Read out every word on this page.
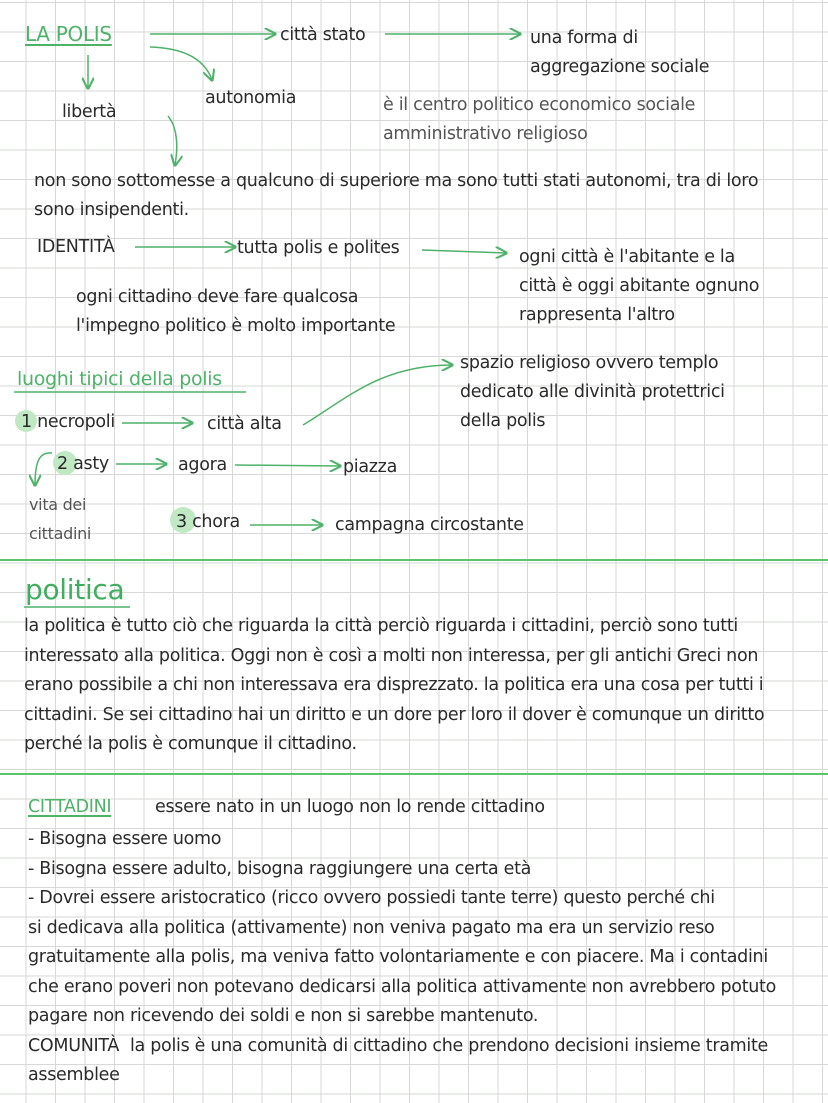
LA POLIS	città stato	una forma di
aggregazione sociale
libertà
autonomia	è il centro politico economico sociale
amministrativo religioso
non sono sottomesse a qualcuno di superiore ma sono tutti stati autonomi, tra di loro
sono insipendenti.
IDENTITÀ	tutta polis e polites	ogni città è l'abitante e la
città è oggi abitante ognuno
rappresenta l'altro
ogni cittadino deve fare qualcosa
l'impegno politico è molto importante
luoghi tipici della polis
1 necropoli	città alta
spazio religioso ovvero templo
dedicato alle divinità protettrici
della polis
2 asty	agora	piazza
vita dei
cittadini
3 chora	campagna circostante
politica
la politica è tutto ciò che riguarda la città perciò riguarda i cittadini, perciò sono tutti
interessato alla politica. Oggi non è così a molti non interessa, per gli antichi Greci non
erano possibile a chi non interessava era disprezzato. la politica era una cosa per tutti i
cittadini. Se sei cittadino hai un diritto e un dore per loro il dover è comunque un diritto
perché la polis è comunque il cittadino.
CITTADINI essere nato in un luogo non lo rende cittadino
- Bisogna essere uomo
- Bisogna essere adulto, bisogna raggiungere una certa età
- Dovrei essere aristocratico (ricco ovvero possiedi tante terre) questo perché chi
si dedicava alla politica (attivamente) non veniva pagato ma era un servizio reso
gratuitamente alla polis, ma veniva fatto volontariamente e con piacere. Ma i contadini
che erano poveri non potevano dedicarsi alla politica attivamente non avrebbero potuto
pagare non ricevendo dei soldi e non si sarebbe mantenuto.
COMUNITÀ la polis è una comunità di cittadino che prendono decisioni insieme tramite
assemblee
